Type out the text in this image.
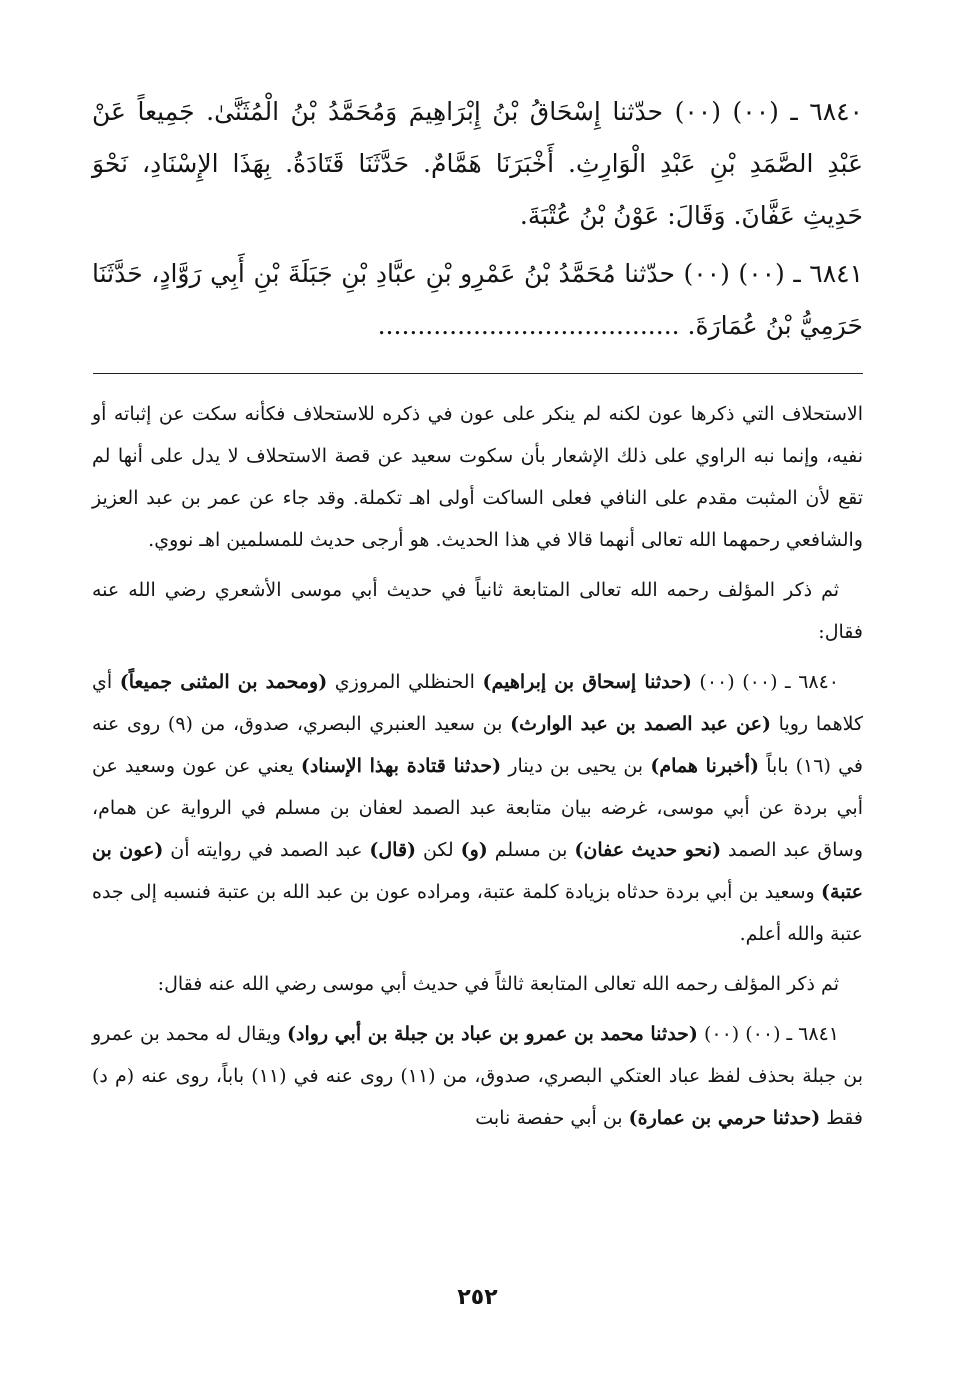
٦٨٤٠ ـ (٠٠) (٠٠) حدّثنا إِسْحَاقُ بْنُ إِبْرَاهِيمَ وَمُحَمَّدُ بْنُ الْمُثَنَّىٰ. جَمِيعاً عَنْ عَبْدِ الصَّمَدِ بْنِ عَبْدِ الْوَارِثِ. أَخْبَرَنَا هَمَّامٌ. حَدَّثَنَا قَتَادَةُ. بِهَذَا الإِسْنَادِ، نَحْوَ حَدِيثِ عَفَّانَ. وَقَالَ: عَوْنُ بْنُ عُتْبَةَ.

٦٨٤١ ـ (٠٠) (٠٠) حدّثنا مُحَمَّدُ بْنُ عَمْرِو بْنِ عبَّادِ بْنِ جَبَلَةَ بْنِ أَبِي رَوَّادٍ، حَدَّثَنَا حَرَمِيُّ بْنُ عُمَارَةَ. ......................................

الاستحلاف التي ذكرها عون لكنه لم ينكر على عون في ذكره للاستحلاف فكأنه سكت عن إثباته أو نفيه، وإنما نبه الراوي على ذلك الإشعار بأن سكوت سعيد عن قصة الاستحلاف لا يدل على أنها لم تقع لأن المثبت مقدم على النافي فعلى الساكت أولى اهـ تكملة. وقد جاء عن عمر بن عبد العزيز والشافعي رحمهما الله تعالى أنهما قالا في هذا الحديث. هو أرجى حديث للمسلمين اهـ نووي.

ثم ذكر المؤلف رحمه الله تعالى المتابعة ثانياً في حديث أبي موسى الأشعري رضي الله عنه فقال:

٦٨٤٠ ـ (٠٠) (٠٠) (حدثنا إسحاق بن إبراهيم) الحنظلي المروزي (ومحمد بن المثنى جميعاً) أي كلاهما رويا (عن عبد الصمد بن عبد الوارث) بن سعيد العنبري البصري، صدوق، من (٩) روى عنه في (١٦) باباً (أخبرنا همام) بن يحيى بن دينار (حدثنا قتادة بهذا الإسناد) يعني عن عون وسعيد عن أبي بردة عن أبي موسى، غرضه بيان متابعة عبد الصمد لعفان بن مسلم في الرواية عن همام، وساق عبد الصمد (نحو حديث عفان) بن مسلم (و) لكن (قال) عبد الصمد في روايته أن (عون بن عتبة) وسعيد بن أبي بردة حدثاه بزيادة كلمة عتبة، ومراده عون بن عبد الله بن عتبة فنسبه إلى جده عتبة والله أعلم.

ثم ذكر المؤلف رحمه الله تعالى المتابعة ثالثاً في حديث أبي موسى رضي الله عنه فقال:

٦٨٤١ ـ (٠٠) (٠٠) (حدثنا محمد بن عمرو بن عباد بن جبلة بن أبي رواد) ويقال له محمد بن عمرو بن جبلة بحذف لفظ عباد العتكي البصري، صدوق، من (١١) روى عنه في (١١) باباً، روى عنه (م د) فقط (حدثنا حرمي بن عمارة) بن أبي حفصة نابت

٢٥٢
